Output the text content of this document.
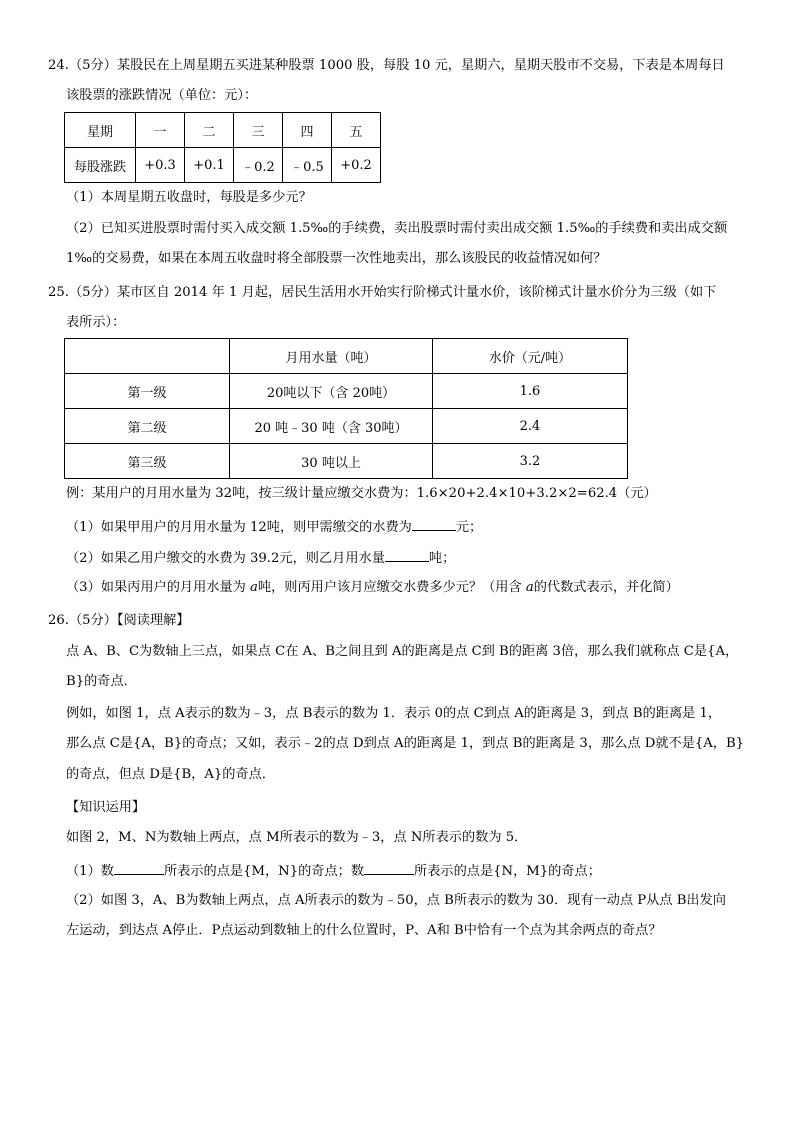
24.（5分）某股民在上周星期五买进某种股票 1000 股，每股 10 元，星期六，星期天股市不交易，下表是本周每日
该股票的涨跌情况（单位：元）：
星期	一	二	三	四	五
每股涨跌	+0.3	+0.1	﹣0.2	﹣0.5	+0.2
（1）本周星期五收盘时，每股是多少元？
（2）已知买进股票时需付买入成交额 1.5‰的手续费，卖出股票时需付卖出成交额 1.5‰的手续费和卖出成交额
1‰的交易费，如果在本周五收盘时将全部股票一次性地卖出，那么该股民的收益情况如何？
25.（5分）某市区自 2014 年 1 月起，居民生活用水开始实行阶梯式计量水价，该阶梯式计量水价分为三级（如下
表所示）：
	月用水量（吨）	水价（元/吨）
第一级	20吨以下（含 20吨）	1.6
第二级	20 吨﹣30 吨（含 30吨）	2.4
第三级	30 吨以上	3.2
例：某用户的月用水量为 32吨，按三级计量应缴交水费为：1.6×20+2.4×10+3.2×2=62.4（元）
（1）如果甲用户的月用水量为 12吨，则甲需缴交的水费为	元；
（2）如果乙用户缴交的水费为 39.2元，则乙月用水量	吨；
（3）如果丙用户的月用水量为 a吨，则丙用户该月应缴交水费多少元？（用含 a的代数式表示，并化简）
26.（5分）【阅读理解】
点 A、B、C为数轴上三点，如果点 C在 A、B之间且到 A的距离是点 C到 B的距离 3倍，那么我们就称点 C是{A，
B}的奇点．
例如，如图 1，点 A表示的数为﹣3，点 B表示的数为 1．表示 0的点 C到点 A的距离是 3，到点 B的距离是 1，
那么点 C是{A，B}的奇点；又如，表示﹣2的点 D到点 A的距离是 1，到点 B的距离是 3，那么点 D就不是{A，B}
的奇点，但点 D是{B，A}的奇点．
【知识运用】
如图 2，M、N为数轴上两点，点 M所表示的数为﹣3，点 N所表示的数为 5．
（1）数	所表示的点是{M，N}的奇点；数	所表示的点是{N，M}的奇点；
（2）如图 3，A、B为数轴上两点，点 A所表示的数为﹣50，点 B所表示的数为 30．现有一动点 P从点 B出发向
左运动，到达点 A停止．P点运动到数轴上的什么位置时，P、A和 B中恰有一个点为其余两点的奇点？
